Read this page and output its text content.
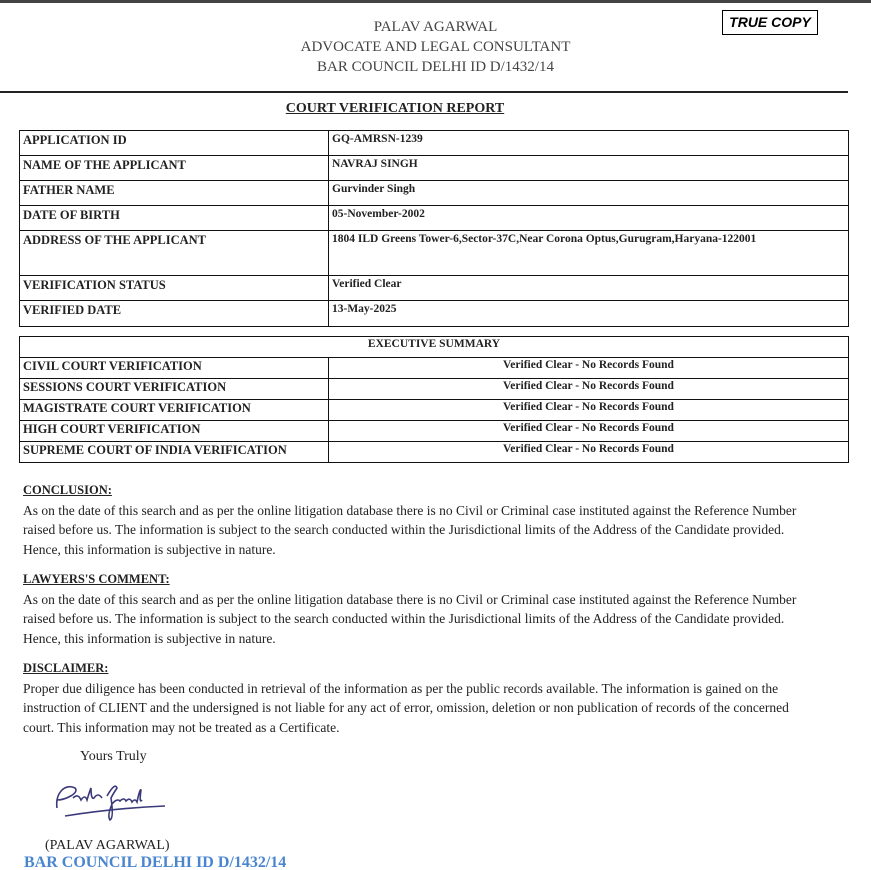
PALAV AGARWAL
ADVOCATE AND LEGAL CONSULTANT
BAR COUNCIL DELHI ID D/1432/14
TRUE COPY
COURT VERIFICATION REPORT
APPLICATION ID	GQ-AMRSN-1239
NAME OF THE APPLICANT	NAVRAJ SINGH
FATHER NAME	Gurvinder Singh
DATE OF BIRTH	05-November-2002
ADDRESS OF THE APPLICANT	1804 ILD Greens Tower-6,Sector-37C,Near Corona Optus,Gurugram,Haryana-122001
VERIFICATION STATUS	Verified Clear
VERIFIED DATE	13-May-2025
EXECUTIVE SUMMARY	
CIVIL COURT VERIFICATION	Verified Clear - No Records Found
SESSIONS COURT VERIFICATION	Verified Clear - No Records Found
MAGISTRATE COURT VERIFICATION	Verified Clear - No Records Found
HIGH COURT VERIFICATION	Verified Clear - No Records Found
SUPREME COURT OF INDIA VERIFICATION	Verified Clear - No Records Found
CONCLUSION:
As on the date of this search and as per the online litigation database there is no Civil or Criminal case instituted against the Reference Number raised before us. The information is subject to the search conducted within the Jurisdictional limits of the Address of the Candidate provided. Hence, this information is subjective in nature.
LAWYERS'S COMMENT:
As on the date of this search and as per the online litigation database there is no Civil or Criminal case instituted against the Reference Number raised before us. The information is subject to the search conducted within the Jurisdictional limits of the Address of the Candidate provided. Hence, this information is subjective in nature.
DISCLAIMER:
Proper due diligence has been conducted in retrieval of the information as per the public records available. The information is gained on the instruction of CLIENT and the undersigned is not liable for any act of error, omission, deletion or non publication of records of the concerned court. This information may not be treated as a Certificate.
Yours Truly
(PALAV AGARWAL)
BAR COUNCIL DELHI ID D/1432/14
